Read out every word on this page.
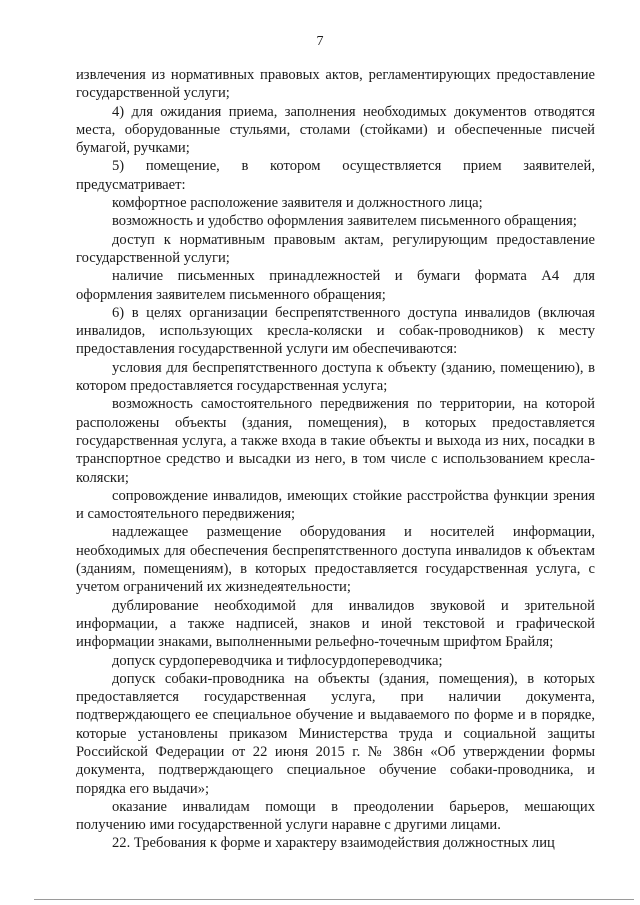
7

извлечения из нормативных правовых актов, регламентирующих предоставление государственной услуги;

4) для ожидания приема, заполнения необходимых документов отводятся места, оборудованные стульями, столами (стойками) и обеспеченные писчей бумагой, ручками;

5) помещение, в котором осуществляется прием заявителей, предусматривает:

комфортное расположение заявителя и должностного лица;

возможность и удобство оформления заявителем письменного обращения;

доступ к нормативным правовым актам, регулирующим предоставление государственной услуги;

наличие письменных принадлежностей и бумаги формата А4 для оформления заявителем письменного обращения;

6) в целях организации беспрепятственного доступа инвалидов (включая инвалидов, использующих кресла-коляски и собак-проводников) к месту предоставления государственной услуги им обеспечиваются:

условия для беспрепятственного доступа к объекту (зданию, помещению), в котором предоставляется государственная услуга;

возможность самостоятельного передвижения по территории, на которой расположены объекты (здания, помещения), в которых предоставляется государственная услуга, а также входа в такие объекты и выхода из них, посадки в транспортное средство и высадки из него, в том числе с использованием кресла-коляски;

сопровождение инвалидов, имеющих стойкие расстройства функции зрения и самостоятельного передвижения;

надлежащее размещение оборудования и носителей информации, необходимых для обеспечения беспрепятственного доступа инвалидов к объектам (зданиям, помещениям), в которых предоставляется государственная услуга, с учетом ограничений их жизнедеятельности;

дублирование необходимой для инвалидов звуковой и зрительной информации, а также надписей, знаков и иной текстовой и графической информации знаками, выполненными рельефно-точечным шрифтом Брайля;

допуск сурдопереводчика и тифлосурдопереводчика;

допуск собаки-проводника на объекты (здания, помещения), в которых предоставляется государственная услуга, при наличии документа, подтверждающего ее специальное обучение и выдаваемого по форме и в порядке, которые установлены приказом Министерства труда и социальной защиты Российской Федерации от 22 июня 2015 г. № 386н «Об утверждении формы документа, подтверждающего специальное обучение собаки-проводника, и порядка его выдачи»;

оказание инвалидам помощи в преодолении барьеров, мешающих получению ими государственной услуги наравне с другими лицами.

22. Требования к форме и характеру взаимодействия должностных лиц
